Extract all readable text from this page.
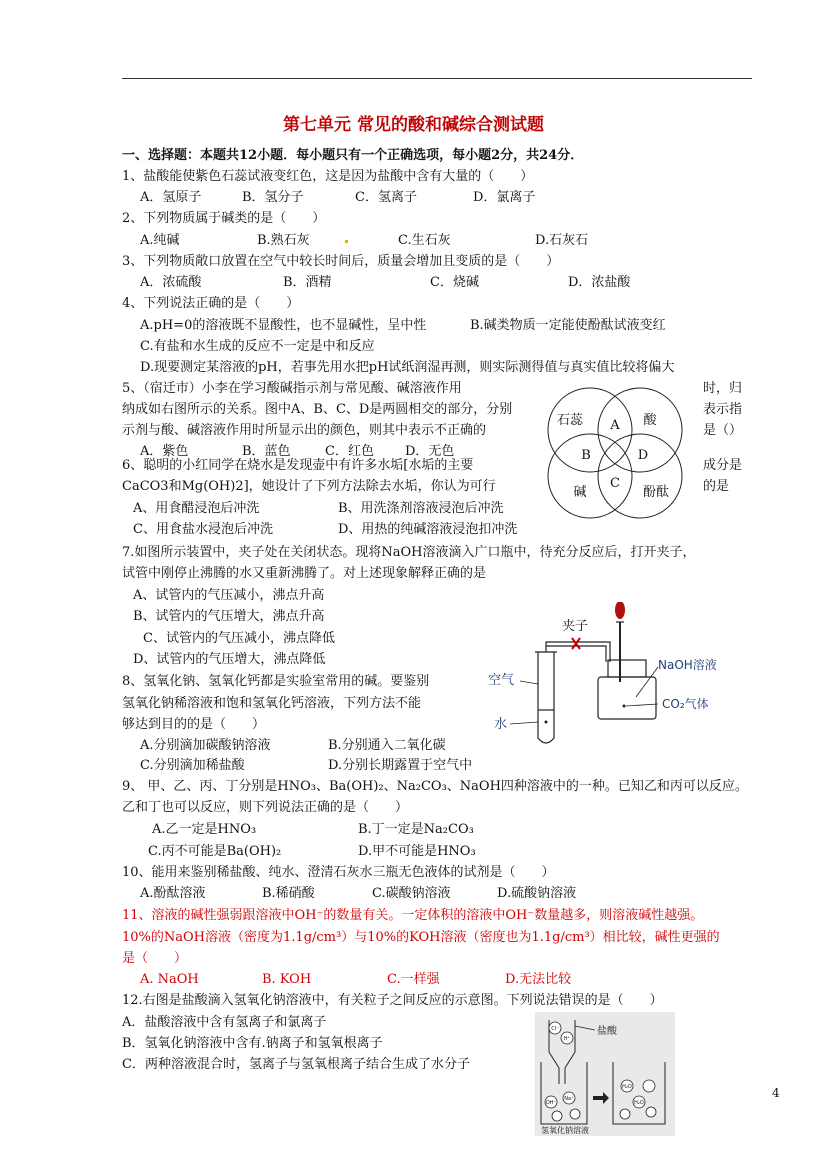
第七单元 常见的酸和碱综合测试题
一、选择题：本题共12小题．每小题只有一个正确选项，每小题2分，共24分．
1、盐酸能使紫色石蕊试液变红色，这是因为盐酸中含有大量的（　　）
A．氢原子	B．氢分子	C．氢离子	D．氯离子
2、下列物质属于碱类的是（　　）
A.纯碱	B.熟石灰	C.生石灰	D.石灰石
3、下列物质敞口放置在空气中较长时间后，质量会增加且变质的是（　　）
A．浓硫酸	B．酒精	C．烧碱	D．浓盐酸
4、下列说法正确的是（　　）
A.pH=0的溶液既不显酸性，也不显碱性，呈中性	B.碱类物质一定能使酚酞试液变红
C.有盐和水生成的反应不一定是中和反应
D.现要测定某溶液的pH，若事先用水把pH试纸润湿再测，则实际测得值与真实值比较将偏大
5、（宿迁市）小李在学习酸碱指示剂与常见酸、碱溶液作用	时，归
纳成如右图所示的关系。图中A、B、C、D是两圆相交的部分，分别	表示指
示剂与酸、碱溶液作用时所显示出的颜色，则其中表示不正确的	是（）
A．紫色	B．蓝色	C．红色 D．无色
石蕊	酸
碱	酚酞
A
B
C
D
6、聪明的小红同学在烧水是发现壶中有许多水垢[水垢的主要	成分是
CaCO3和Mg(OH)2]，她设计了下列方法除去水垢，你认为可行	的是
A、用食醋浸泡后冲洗	B、用洗涤剂溶液浸泡后冲洗
C、用食盐水浸泡后冲洗	D、用热的纯碱溶液浸泡扣冲洗
7.如图所示装置中，夹子处在关闭状态。现将NaOH溶液滴入广口瓶中，待充分反应后，打开夹子，
试管中刚停止沸腾的水又重新沸腾了。对上述现象解释正确的是
A、试管内的气压减小，沸点升高
B、试管内的气压增大，沸点升高
C、试管内的气压减小，沸点降低
D、试管内的气压增大，沸点降低
夹子
NaOH溶液
空气
CO₂气体
水
8、氢氧化钠、氢氧化钙都是实验室常用的碱。要鉴别
氢氧化钠稀溶液和饱和氢氧化钙溶液，下列方法不能
够达到目的的是（　　）
A.分别滴加碳酸钠溶液	B.分别通入二氧化碳
C.分别滴加稀盐酸	D.分别长期露置于空气中
9、 甲、乙、丙、丁分别是HNO₃、Ba(OH)₂、Na₂CO₃、NaOH四种溶液中的一种。已知乙和丙可以反应。
乙和丁也可以反应，则下列说法正确的是（　　）
A.乙一定是HNO₃	B.丁一定是Na₂CO₃
C.丙不可能是Ba(OH)₂	D.甲不可能是HNO₃
10、能用来鉴别稀盐酸、纯水、澄清石灰水三瓶无色液体的试剂是（　　）
A.酚酞溶液	B.稀硝酸	C.碳酸钠溶液	D.硫酸钠溶液
11、溶液的碱性强弱跟溶液中OH⁻的数量有关。一定体积的溶液中OH⁻数量越多，则溶液碱性越强。
10%的NaOH溶液（密度为1.1g/cm³）与10%的KOH溶液（密度也为1.1g/cm³）相比较，碱性更强的
是（　　）
A. NaOH	B. KOH	C.一样强	D.无法比较
12.右图是盐酸滴入氢氧化钠溶液中，有关粒子之间反应的示意图。下列说法错误的是（　　）
A．盐酸溶液中含有氢离子和氯离子
B．氢氧化钠溶液中含有.钠离子和氢氧根离子
C．两种溶液混合时，氢离子与氢氧根离子结合生成了水分子
盐酸
Cl⁻
H⁺
OH⁻
Na⁺
H₂O
H₂O
氢氧化钠溶液
4
